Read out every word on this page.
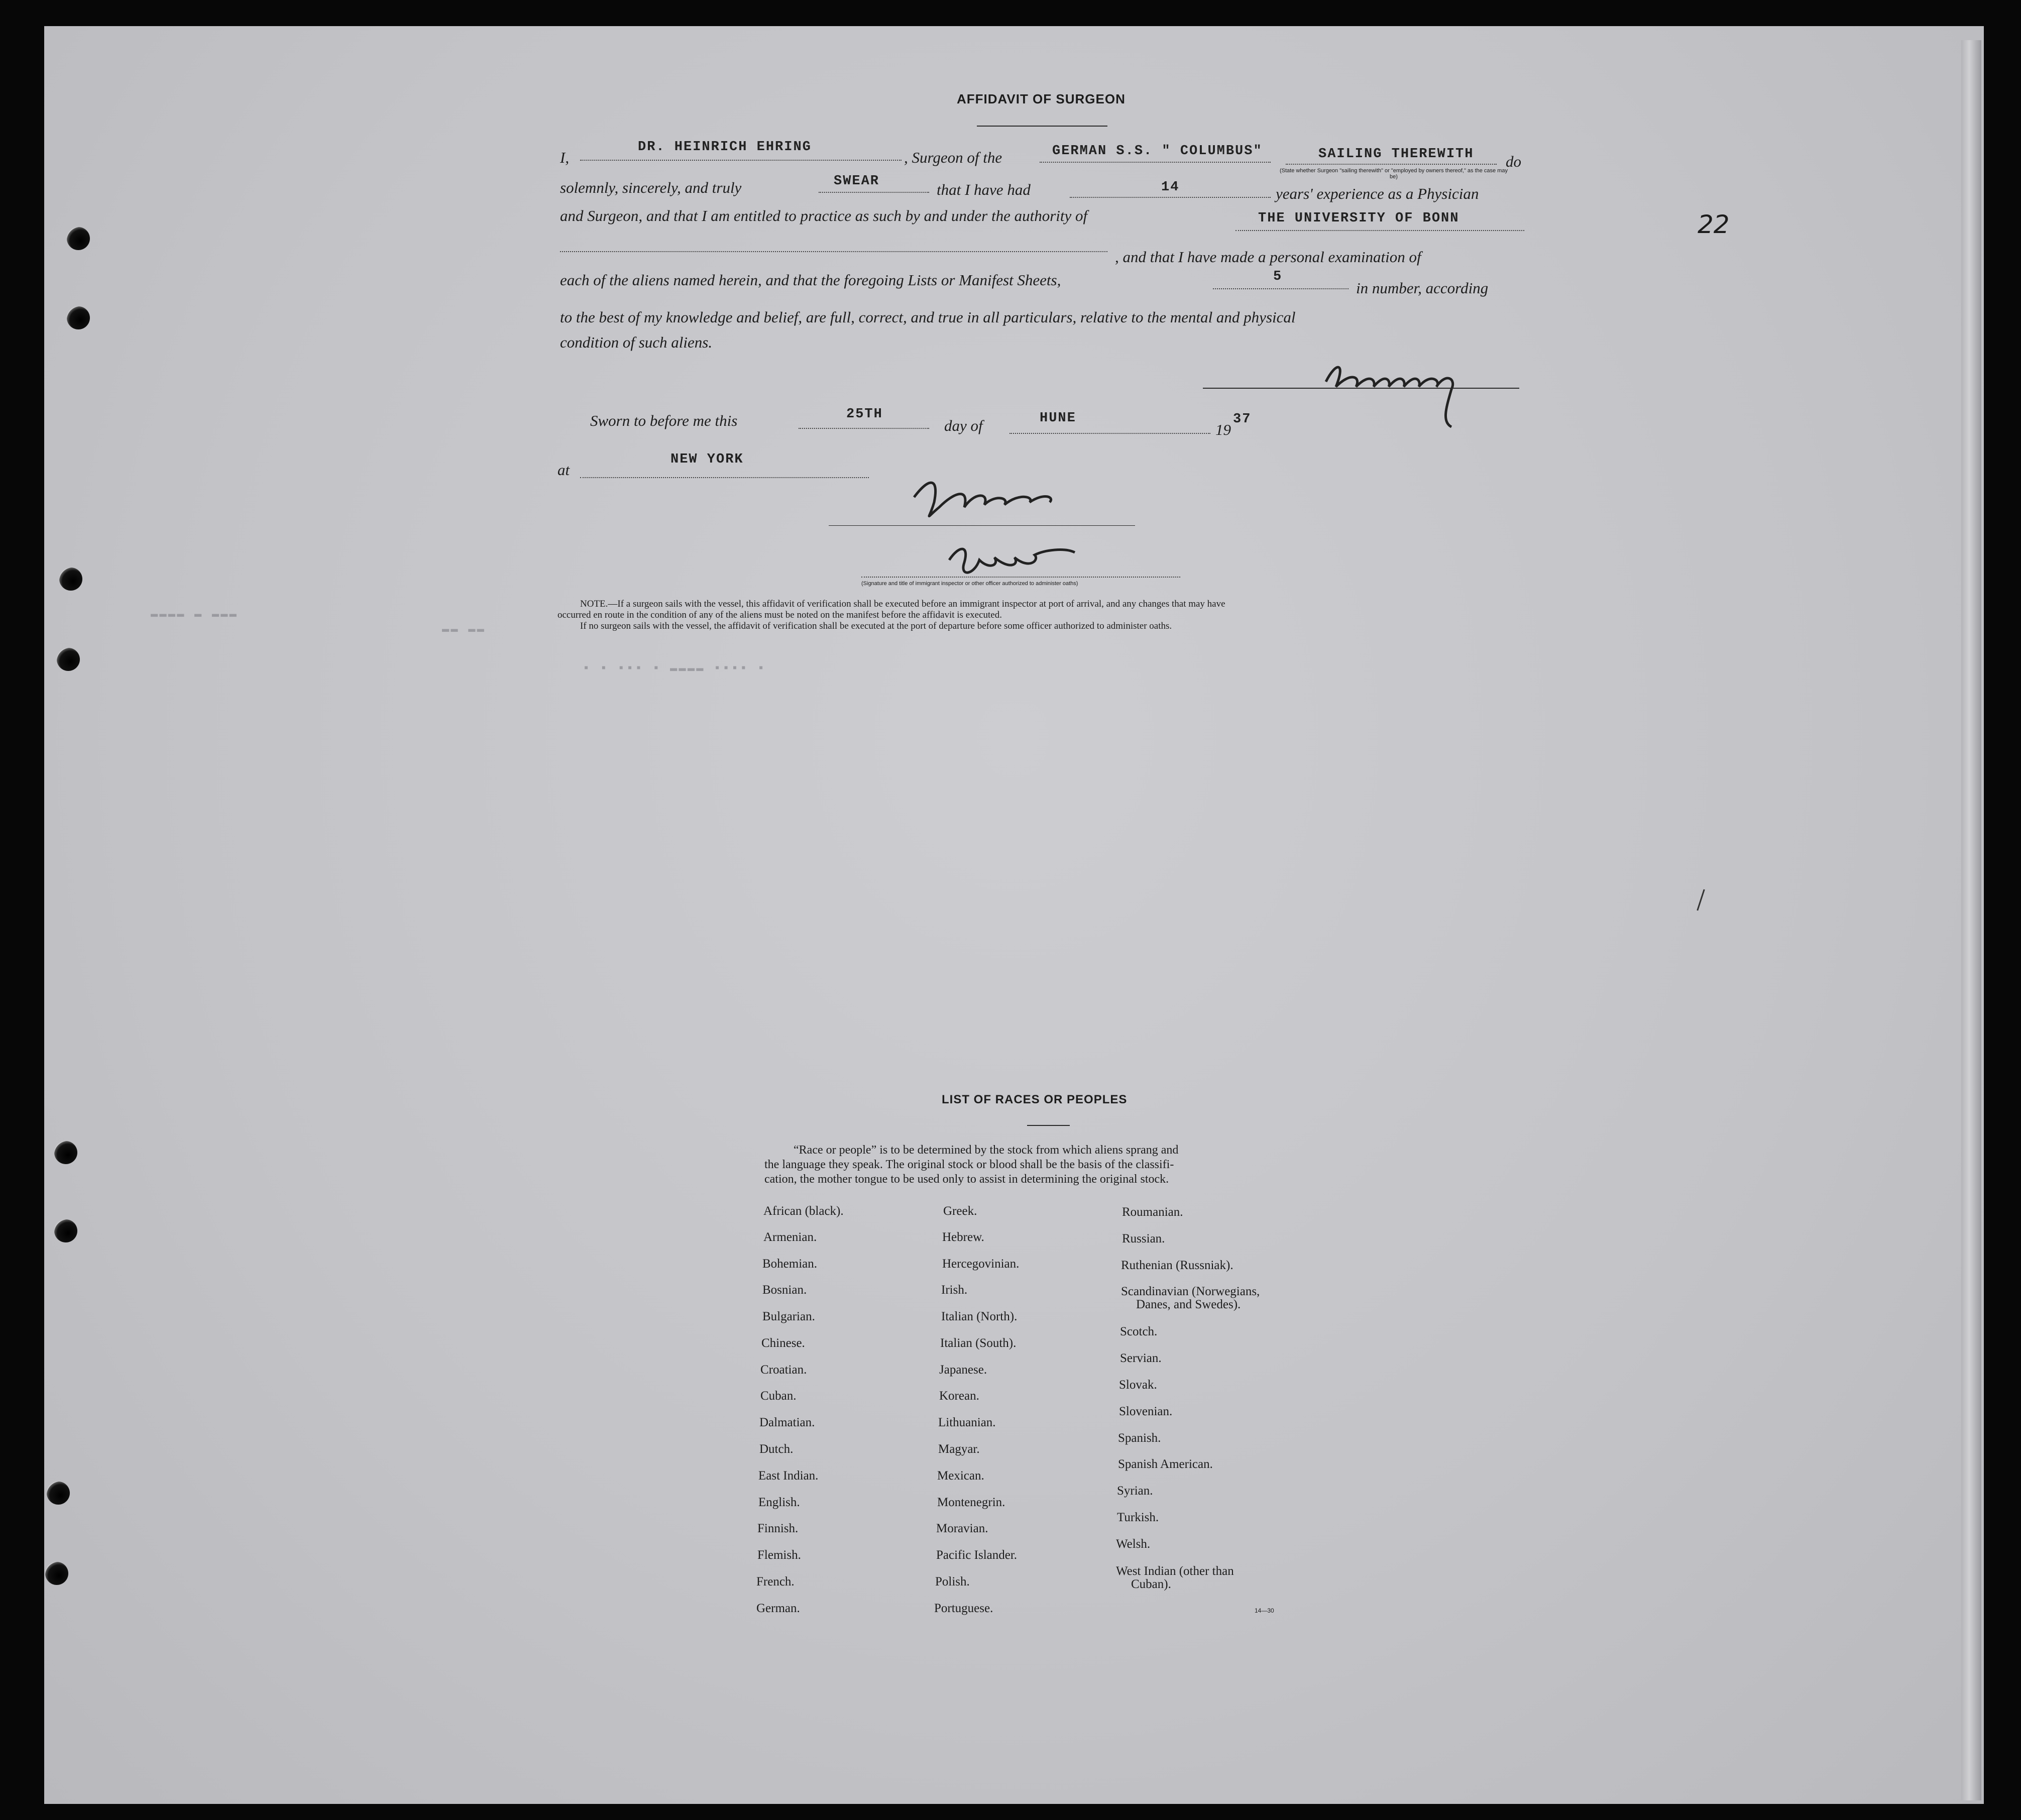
22
AFFIDAVIT OF SURGEON
I,
DR. HEINRICH EHRING
, Surgeon of the	GERMAN S.S. " COLUMBUS"	SAILING THEREWITH
(State whether Surgeon "sailing therewith" or "employed by owners thereof," as the case may be)
do
solemnly, sincerely, and truly	SWEAR	that I have had	14	years' experience as a Physician
and Surgeon, and that I am entitled to practice as such by and under the authority of	THE UNIVERSITY OF BONN
, and that I have made a personal examination of
each of the aliens named herein, and that the foregoing Lists or Manifest Sheets,	5
in number, according
to the best of my knowledge and belief, are full, correct, and true in all particulars, relative to the mental and physical
condition of such aliens.
Sworn to before me this	25TH
day of	HUNE
19
37
at
NEW YORK
(Signature and title of immigrant inspector or other officer authorized to administer oaths)
NOTE.—If a surgeon sails with the vessel, this affidavit of verification shall be executed before an immigrant inspector at port of arrival, and any changes that may have
occurred en route in the condition of any of the aliens must be noted on the manifest before the affidavit is executed.
If no surgeon sails with the vessel, the affidavit of verification shall be executed at the port of departure before some officer authorized to administer oaths.
▬▬▬▬ ▬ ▬▬▬
▬▬ ▬▬
▪ ▪ ▪▪▪ ▪ ▬▬▬▬ ▪▪▪▪ ▪
LIST OF RACES OR PEOPLES
“Race or people” is to be determined by the stock from which aliens sprang and
the language they speak. The original stock or blood shall be the basis of the classifi-
cation, the mother tongue to be used only to assist in determining the original stock.
African (black).
Armenian.
Bohemian.
Bosnian.
Bulgarian.
Chinese.
Croatian.
Cuban.
Dalmatian.
Dutch.
East Indian.
English.
Finnish.
Flemish.
French.
German.
Greek.
Hebrew.
Hercegovinian.
Irish.
Italian (North).
Italian (South).
Japanese.
Korean.
Lithuanian.
Magyar.
Mexican.
Montenegrin.
Moravian.
Pacific Islander.
Polish.
Portuguese.
Roumanian.
Russian.
Ruthenian (Russniak).
Scandinavian (Norwegians,
Danes, and Swedes).
Scotch.
Servian.
Slovak.
Slovenian.
Spanish.
Spanish American.
Syrian.
Turkish.
Welsh.
West Indian (other than
Cuban).
14—30
